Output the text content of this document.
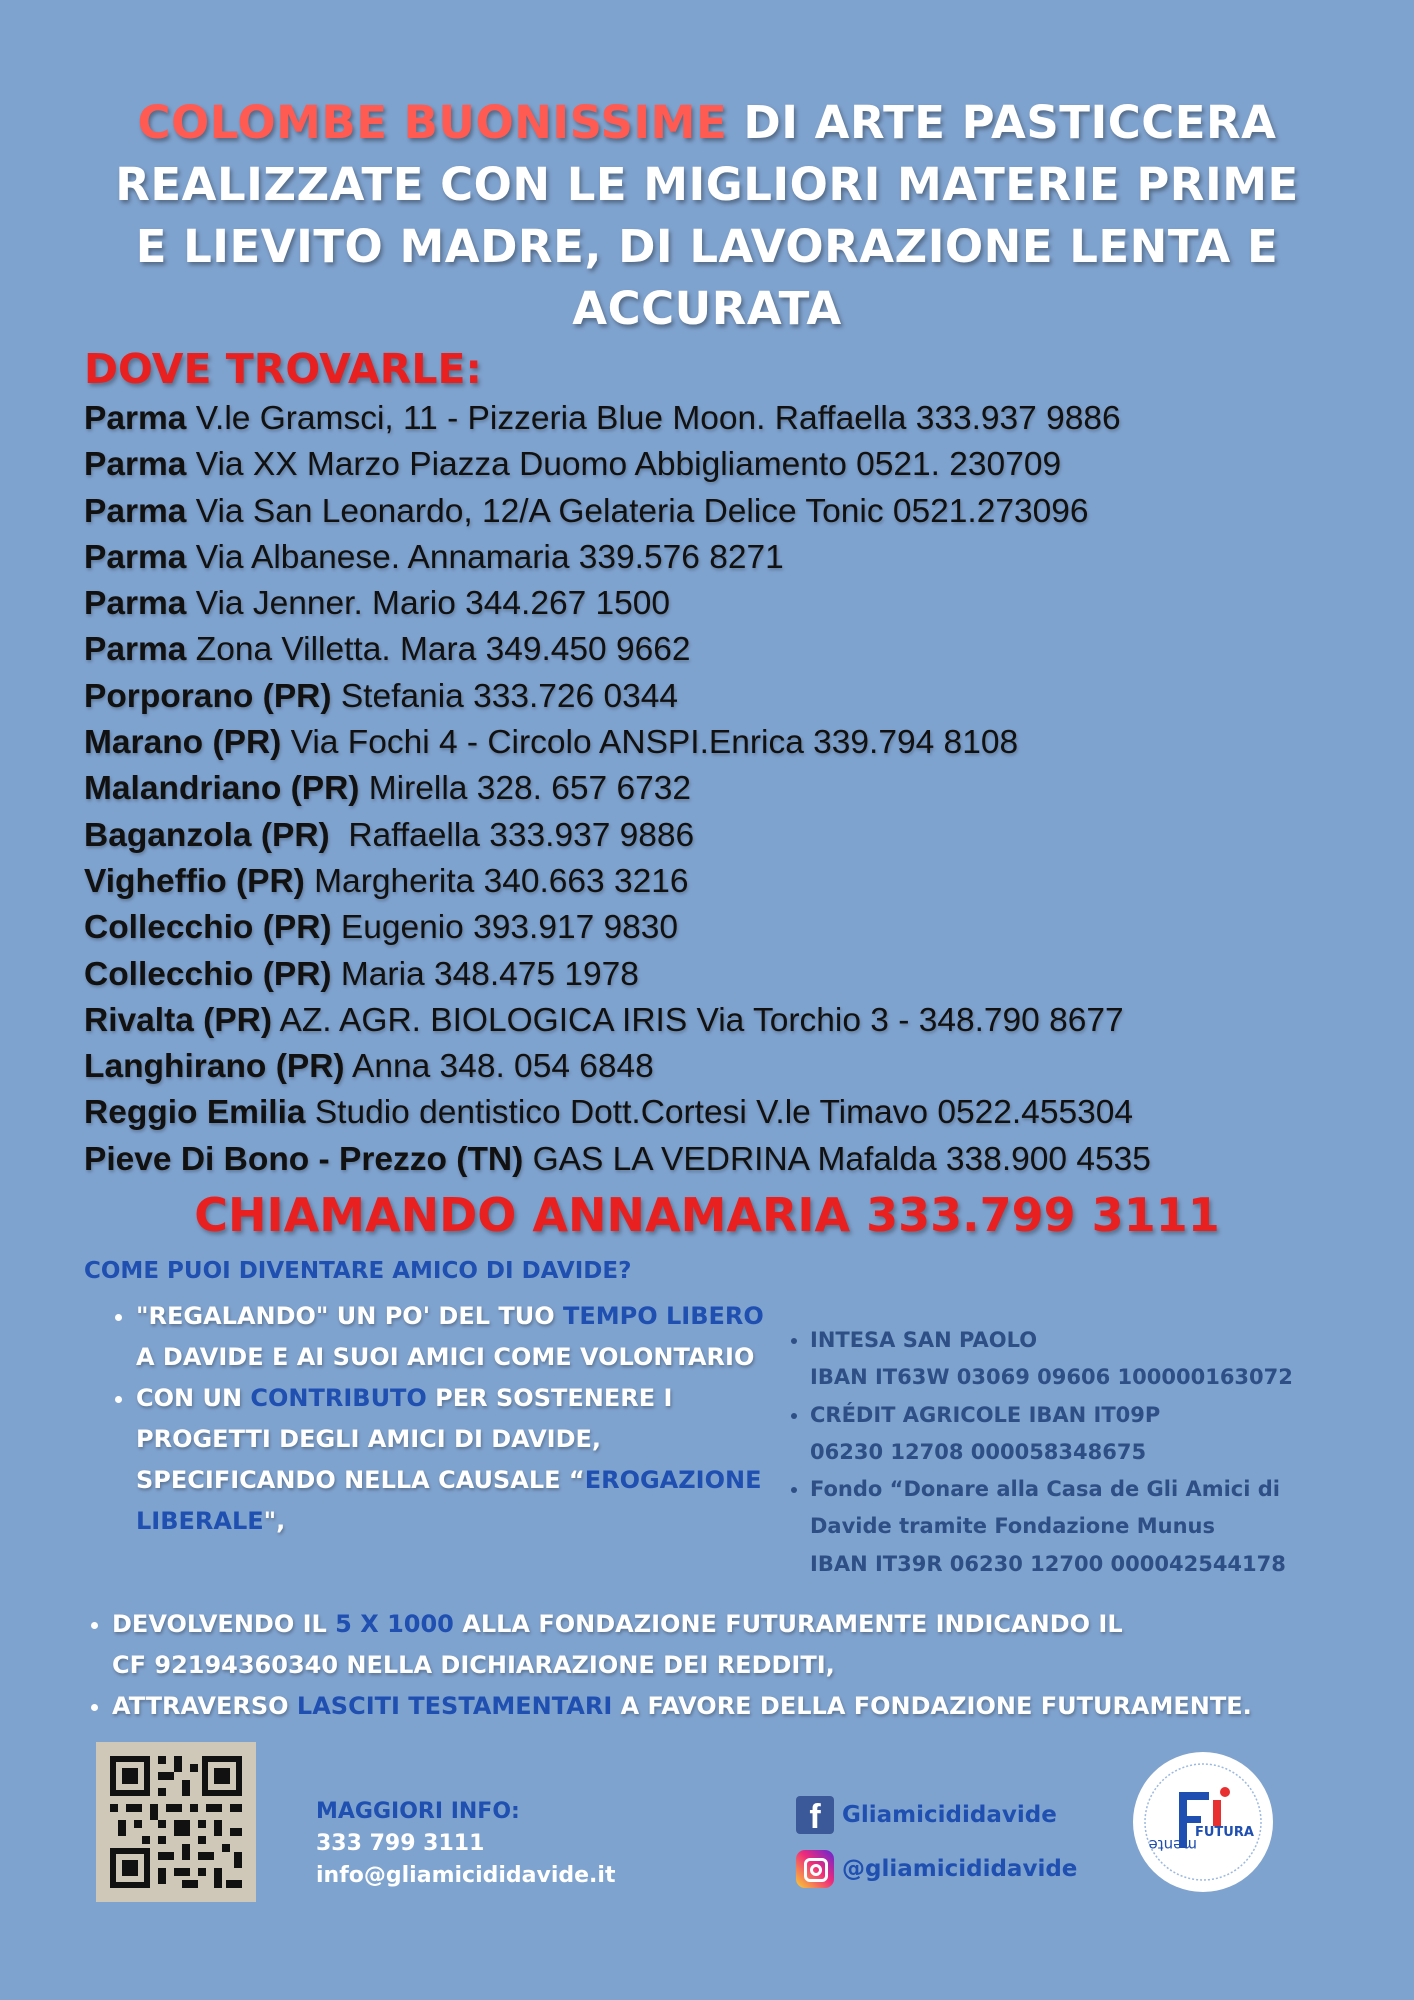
COLOMBE BUONISSIME DI ARTE PASTICCERA
REALIZZATE CON LE MIGLIORI MATERIE PRIME
E LIEVITO MADRE, DI LAVORAZIONE LENTA E
ACCURATA
DOVE TROVARLE:
Parma V.le Gramsci, 11 - Pizzeria Blue Moon. Raffaella 333.937 9886
Parma Via XX Marzo Piazza Duomo Abbigliamento 0521. 230709
Parma Via San Leonardo, 12/A Gelateria Delice Tonic 0521.273096
Parma Via Albanese. Annamaria 339.576 8271
Parma Via Jenner. Mario 344.267 1500
Parma Zona Villetta. Mara 349.450 9662
Porporano (PR) Stefania 333.726 0344
Marano (PR) Via Fochi 4 - Circolo ANSPI.Enrica 339.794 8108
Malandriano (PR) Mirella 328. 657 6732
Baganzola (PR)  Raffaella 333.937 9886
Vigheffio (PR) Margherita 340.663 3216
Collecchio (PR) Eugenio 393.917 9830
Collecchio (PR) Maria 348.475 1978
Rivalta (PR) AZ. AGR. BIOLOGICA IRIS Via Torchio 3 - 348.790 8677
Langhirano (PR) Anna 348. 054 6848
Reggio Emilia Studio dentistico Dott.Cortesi V.le Timavo 0522.455304
Pieve Di Bono - Prezzo (TN) GAS LA VEDRINA Mafalda 338.900 4535
CHIAMANDO ANNAMARIA 333.799 3111
COME PUOI DIVENTARE AMICO DI DAVIDE?
• "REGALANDO" UN PO' DEL TUO TEMPO LIBERO A DAVIDE E AI SUOI AMICI COME VOLONTARIO
• CON UN CONTRIBUTO PER SOSTENERE I PROGETTI DEGLI AMICI DI DAVIDE, SPECIFICANDO NELLA CAUSALE “EROGAZIONE LIBERALE",
• INTESA SAN PAOLO
IBAN IT63W 03069 09606 100000163072
• CRÉDIT AGRICOLE IBAN IT09P
06230 12708 000058348675
• Fondo “Donare alla Casa de Gli Amici di
Davide tramite Fondazione Munus
IBAN IT39R 06230 12700 000042544178
• DEVOLVENDO IL 5 X 1000 ALLA FONDAZIONE FUTURAMENTE INDICANDO IL
CF 92194360340 NELLA DICHIARAZIONE DEI REDDITI,
• ATTRAVERSO LASCITI TESTAMENTARI A FAVORE DELLA FONDAZIONE FUTURAMENTE.
MAGGIORI INFO:
333 799 3111
info@gliamicididavide.it
f Gliamicididavide
@gliamicididavide
FUTURA
mente
